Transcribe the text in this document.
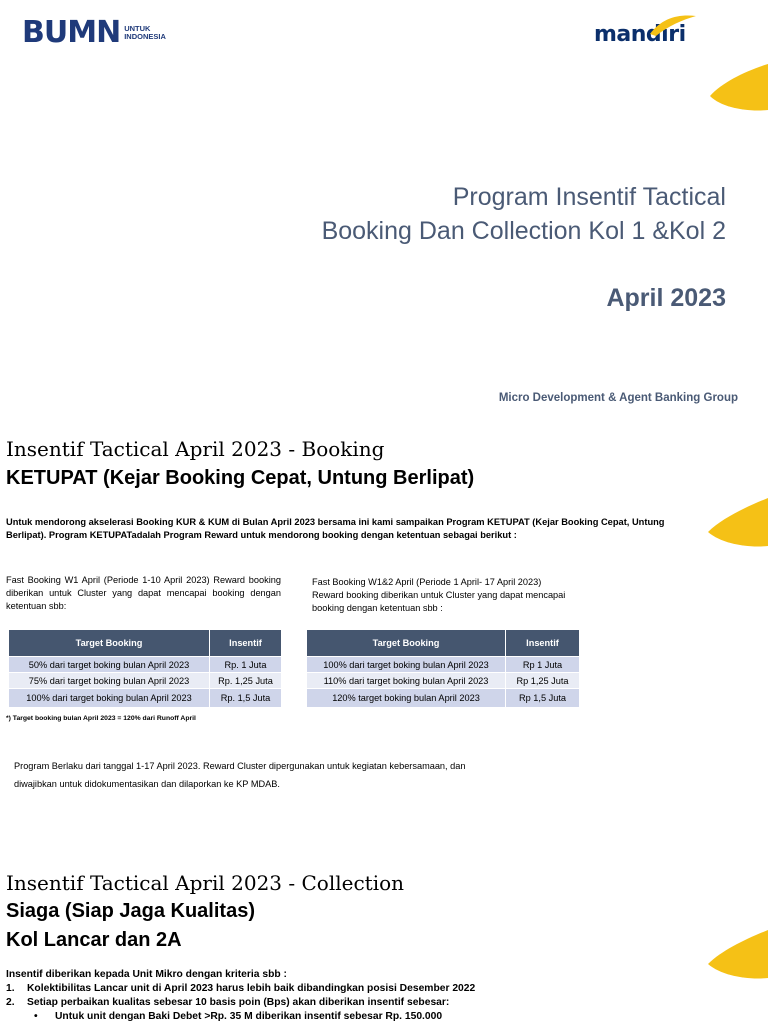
BUMN UNTUK
INDONESIA	mandiri
Program Insentif Tactical
Booking Dan Collection Kol 1 &Kol 2
April 2023
Micro Development & Agent Banking Group
Insentif Tactical April 2023 - Booking
KETUPAT (Kejar Booking Cepat, Untung Berlipat)
Untuk mendorong akselerasi Booking KUR & KUM di Bulan April 2023 bersama ini kami sampaikan Program KETUPAT (Kejar Booking Cepat, Untung Berlipat). Program KETUPATadalah Program Reward untuk mendorong booking dengan ketentuan sebagai berikut :
Fast Booking W1 April (Periode 1-10 April 2023) Reward booking diberikan untuk Cluster yang dapat mencapai booking dengan ketentuan sbb:
Fast Booking W1&2 April (Periode 1 April- 17 April 2023)
Reward booking diberikan untuk Cluster yang dapat mencapai
booking dengan ketentuan sbb :
Target Booking	Insentif
50% dari target boking bulan April 2023	Rp. 1 Juta
75% dari target boking bulan April 2023	Rp. 1,25 Juta
100% dari target boking bulan April 2023	Rp. 1,5 Juta
Target Booking	Insentif
100% dari target boking bulan April 2023	Rp 1 Juta
110% dari target boking bulan April 2023	Rp 1,25 Juta
120% target boking bulan April 2023	Rp 1,5 Juta
*) Target booking bulan April 2023 = 120% dari Runoff April
Program Berlaku dari tanggal 1-17 April 2023. Reward Cluster dipergunakan untuk kegiatan kebersamaan, dan
diwajibkan untuk didokumentasikan dan dilaporkan ke KP MDAB.
Insentif Tactical April 2023 - Collection
Siaga (Siap Jaga Kualitas)
Kol Lancar dan 2A
Insentif diberikan kepada Unit Mikro dengan kriteria sbb :
1.	Kolektibilitas Lancar unit di April 2023 harus lebih baik dibandingkan posisi Desember 2022
2.	Setiap perbaikan kualitas sebesar 10 basis poin (Bps) akan diberikan insentif sebesar:
•	Untuk unit dengan Baki Debet >Rp. 35 M diberikan insentif sebesar Rp. 150.000
